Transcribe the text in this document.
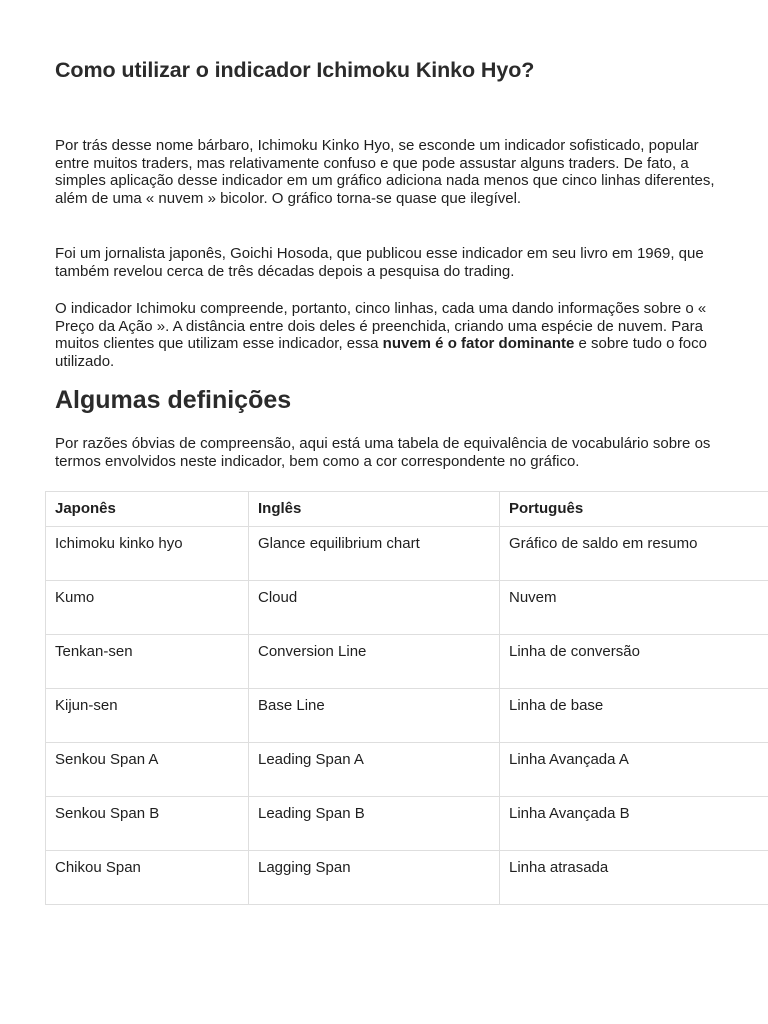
Como utilizar o indicador Ichimoku Kinko Hyo?

Por trás desse nome bárbaro, Ichimoku Kinko Hyo, se esconde um indicador sofisticado, popular entre muitos traders, mas relativamente confuso e que pode assustar alguns traders. De fato, a simples aplicação desse indicador em um gráfico adiciona nada menos que cinco linhas diferentes, além de uma « nuvem » bicolor. O gráfico torna-se quase que ilegível.

Foi um jornalista japonês, Goichi Hosoda, que publicou esse indicador em seu livro em 1969, que também revelou cerca de três décadas depois a pesquisa do trading.

O indicador Ichimoku compreende, portanto, cinco linhas, cada uma dando informações sobre o « Preço da Ação ». A distância entre dois deles é preenchida, criando uma espécie de nuvem. Para muitos clientes que utilizam esse indicador, essa nuvem é o fator dominante e sobre tudo o foco utilizado.

Algumas definições

Por razões óbvias de compreensão, aqui está uma tabela de equivalência de vocabulário sobre os termos envolvidos neste indicador, bem como a cor correspondente no gráfico.

Japonês	Inglês	Português
Ichimoku kinko hyo	Glance equilibrium chart	Gráfico de saldo em resumo
Kumo	Cloud	Nuvem
Tenkan-sen	Conversion Line	Linha de conversão
Kijun-sen	Base Line	Linha de base
Senkou Span A	Leading Span A	Linha Avançada A
Senkou Span B	Leading Span B	Linha Avançada B
Chikou Span	Lagging Span	Linha atrasada
